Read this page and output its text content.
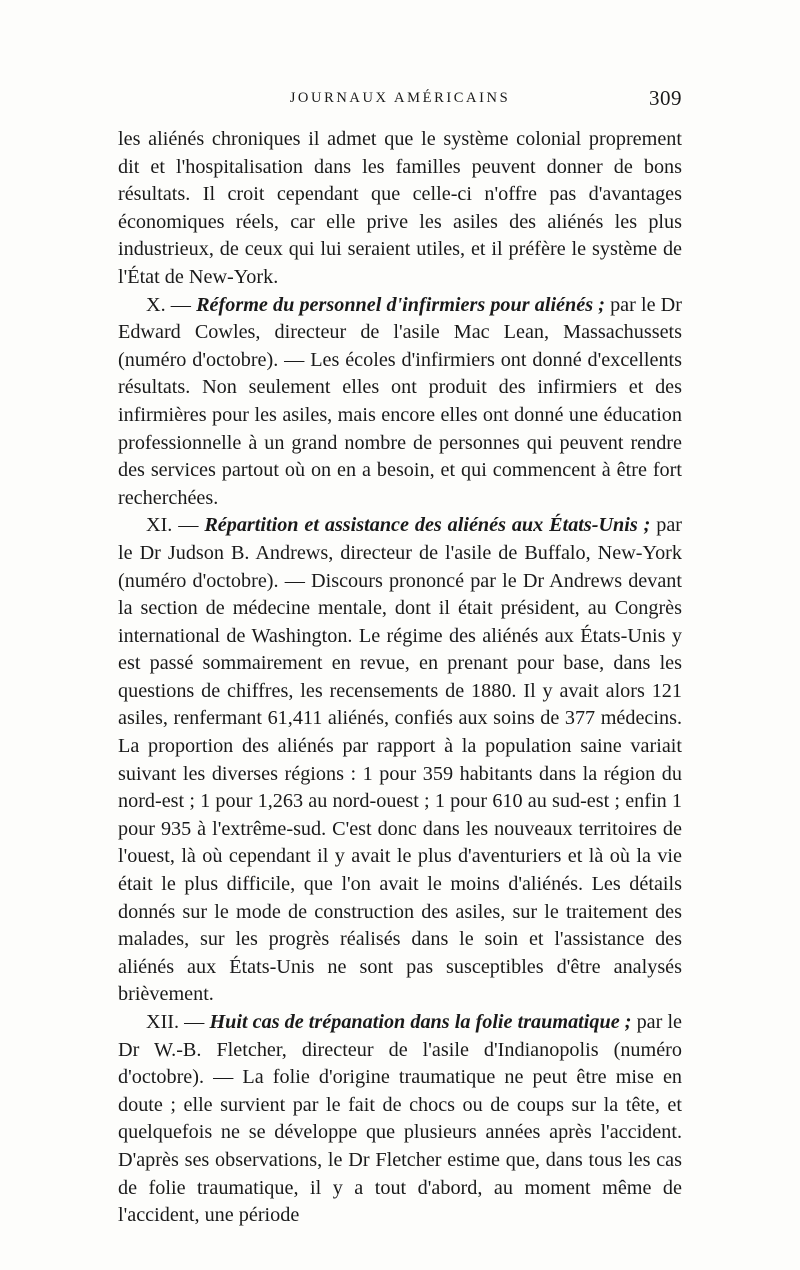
JOURNAUX AMÉRICAINS	309

les aliénés chroniques il admet que le système colonial proprement dit et l'hospitalisation dans les familles peuvent donner de bons résultats. Il croit cependant que celle-ci n'offre pas d'avantages économiques réels, car elle prive les asiles des aliénés les plus industrieux, de ceux qui lui seraient utiles, et il préfère le système de l'État de New-York.

X. — Réforme du personnel d'infirmiers pour aliénés ; par le Dr Edward Cowles, directeur de l'asile Mac Lean, Massachussets (numéro d'octobre). — Les écoles d'infirmiers ont donné d'excellents résultats. Non seulement elles ont produit des infirmiers et des infirmières pour les asiles, mais encore elles ont donné une éducation professionnelle à un grand nombre de personnes qui peuvent rendre des services partout où on en a besoin, et qui commencent à être fort recherchées.

XI. — Répartition et assistance des aliénés aux États-Unis ; par le Dr Judson B. Andrews, directeur de l'asile de Buffalo, New-York (numéro d'octobre). — Discours prononcé par le Dr Andrews devant la section de médecine mentale, dont il était président, au Congrès international de Washington. Le régime des aliénés aux États-Unis y est passé sommairement en revue, en prenant pour base, dans les questions de chiffres, les recensements de 1880. Il y avait alors 121 asiles, renfermant 61,411 aliénés, confiés aux soins de 377 médecins. La proportion des aliénés par rapport à la population saine variait suivant les diverses régions : 1 pour 359 habitants dans la région du nord-est ; 1 pour 1,263 au nord-ouest ; 1 pour 610 au sud-est ; enfin 1 pour 935 à l'extrême-sud. C'est donc dans les nouveaux territoires de l'ouest, là où cependant il y avait le plus d'aventuriers et là où la vie était le plus difficile, que l'on avait le moins d'aliénés. Les détails donnés sur le mode de construction des asiles, sur le traitement des malades, sur les progrès réalisés dans le soin et l'assistance des aliénés aux États-Unis ne sont pas susceptibles d'être analysés brièvement.

XII. — Huit cas de trépanation dans la folie traumatique ; par le Dr W.-B. Fletcher, directeur de l'asile d'Indianopolis (numéro d'octobre). — La folie d'origine traumatique ne peut être mise en doute ; elle survient par le fait de chocs ou de coups sur la tête, et quelquefois ne se développe que plusieurs années après l'accident. D'après ses observations, le Dr Fletcher estime que, dans tous les cas de folie traumatique, il y a tout d'abord, au moment même de l'accident, une période
